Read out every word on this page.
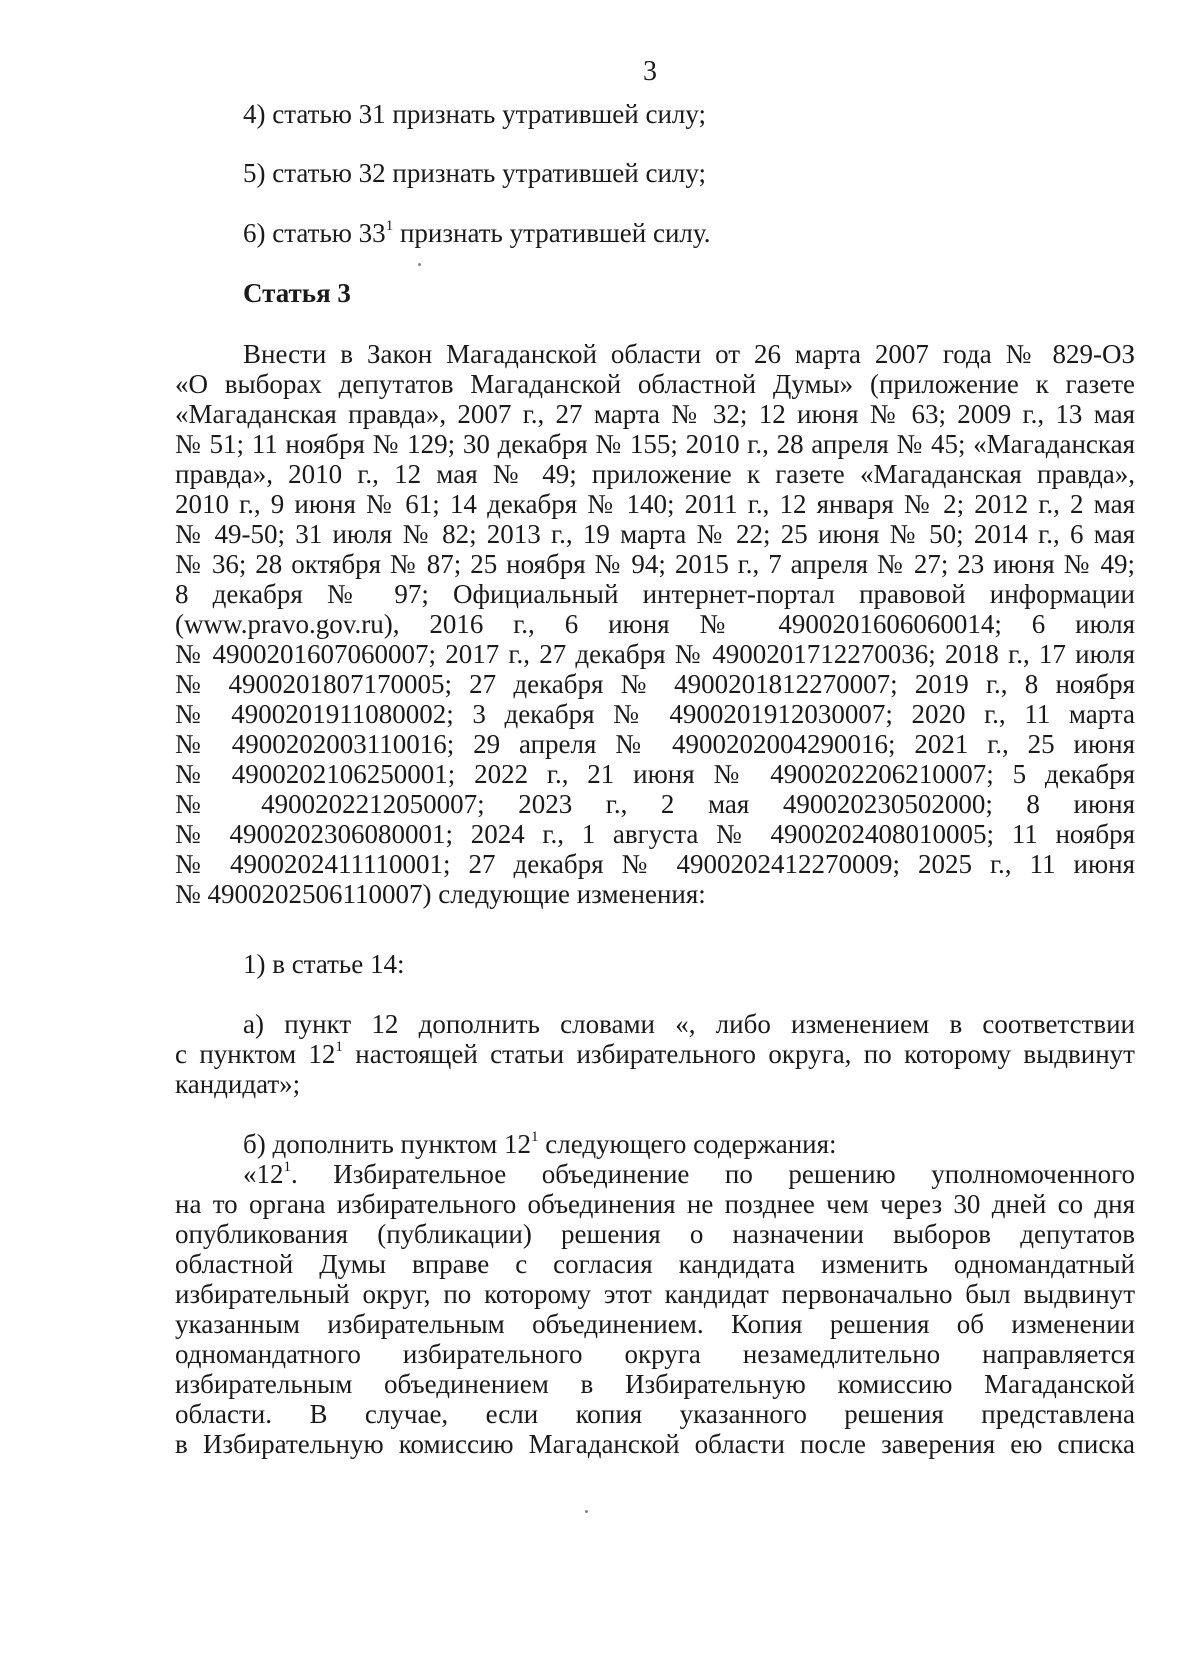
3
4) статью 31 признать утратившей силу;
5) статью 32 признать утратившей силу;
6) статью $33^1$ признать утратившей силу.
Статья 3
Внести в Закон Магаданской области от 26 марта 2007 года № 829-ОЗ
«О выборах депутатов Магаданской областной Думы» (приложение к газете
«Магаданская правда», 2007 г., 27 марта № 32; 12 июня № 63; 2009 г., 13 мая
№ 51; 11 ноября № 129; 30 декабря № 155; 2010 г., 28 апреля № 45; «Магаданская
правда», 2010 г., 12 мая № 49; приложение к газете «Магаданская правда»,
2010 г., 9 июня № 61; 14 декабря № 140; 2011 г., 12 января № 2; 2012 г., 2 мая
№ 49-50; 31 июля № 82; 2013 г., 19 марта № 22; 25 июня № 50; 2014 г., 6 мая
№ 36; 28 октября № 87; 25 ноября № 94; 2015 г., 7 апреля № 27; 23 июня № 49;
8 декабря № 97; Официальный интернет-портал правовой информации
(www.pravo.gov.ru), 2016 г., 6 июня № 4900201606060014; 6 июля
№ 4900201607060007; 2017 г., 27 декабря № 4900201712270036; 2018 г., 17 июля
№ 4900201807170005; 27 декабря № 4900201812270007; 2019 г., 8 ноября
№ 4900201911080002; 3 декабря № 4900201912030007; 2020 г., 11 марта
№ 4900202003110016; 29 апреля № 4900202004290016; 2021 г., 25 июня
№ 4900202106250001; 2022 г., 21 июня № 4900202206210007; 5 декабря
№ 4900202212050007; 2023 г., 2 мая 490020230502000; 8 июня
№ 4900202306080001; 2024 г., 1 августа № 4900202408010005; 11 ноября
№ 4900202411110001; 27 декабря № 4900202412270009; 2025 г., 11 июня
№ 4900202506110007) следующие изменения:
1) в статье 14:
а) пункт 12 дополнить словами «, либо изменением в соответствии
с пунктом $12^1$ настоящей статьи избирательного округа, по которому выдвинут
кандидат»;
б) дополнить пунктом $12^1$ следующего содержания:
«$12^1$. Избирательное объединение по решению уполномоченного
на то органа избирательного объединения не позднее чем через 30 дней со дня
опубликования (публикации) решения о назначении выборов депутатов
областной Думы вправе с согласия кандидата изменить одномандатный
избирательный округ, по которому этот кандидат первоначально был выдвинут
указанным избирательным объединением. Копия решения об изменении
одномандатного избирательного округа незамедлительно направляется
избирательным объединением в Избирательную комиссию Магаданской
области. В случае, если копия указанного решения представлена
в Избирательную комиссию Магаданской области после заверения ею списка
